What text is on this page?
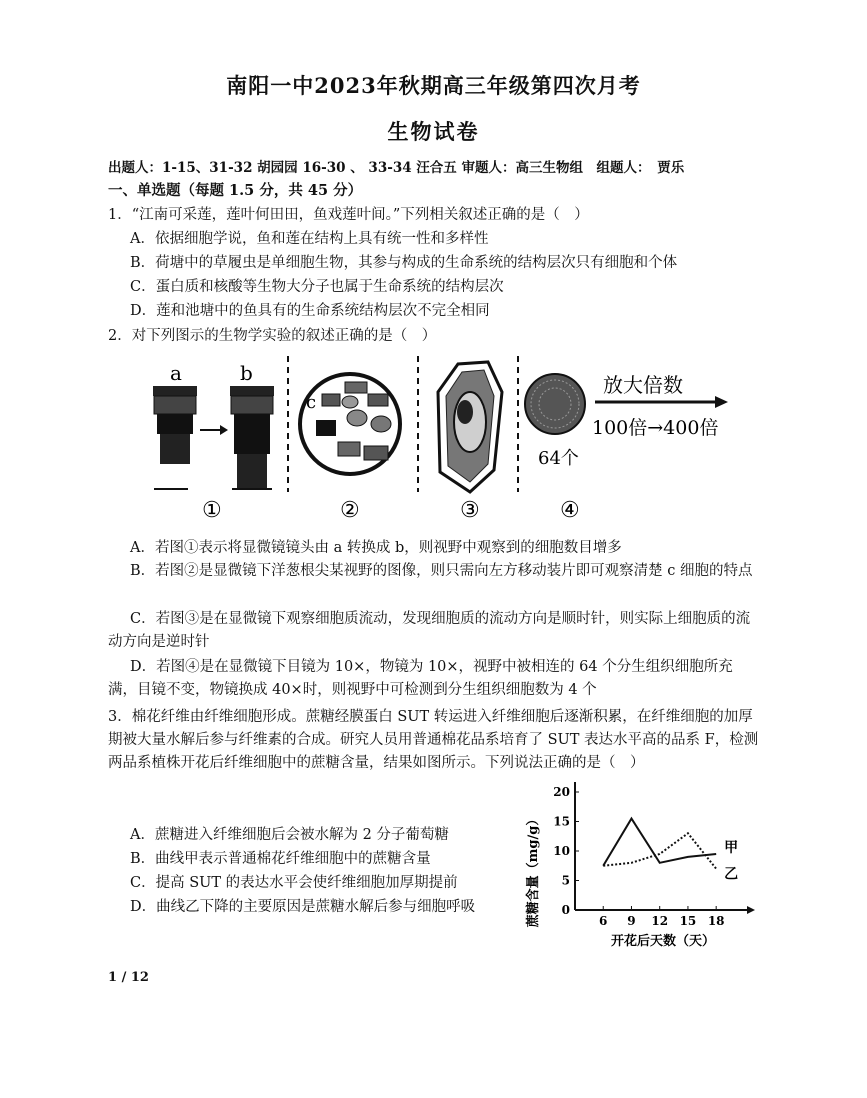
南阳一中2023年秋期高三年级第四次月考
生物试卷
出题人：1-15、31-32 胡园园 16-30 、 33-34 汪合五 审题人：高三生物组　组题人：　贾乐
一、单选题（每题 1.5 分，共 45 分）
1．“江南可采莲，莲叶何田田，鱼戏莲叶间。”下列相关叙述正确的是（　）
A．依据细胞学说，鱼和莲在结构上具有统一性和多样性
B．荷塘中的草履虫是单细胞生物，其参与构成的生命系统的结构层次只有细胞和个体
C．蛋白质和核酸等生物大分子也属于生命系统的结构层次
D．莲和池塘中的鱼具有的生命系统结构层次不完全相同
2．对下列图示的生物学实验的叙述正确的是（　）
a	b
①
c
②	③
放大倍数
100倍→400倍
64个
④
A．若图①表示将显微镜镜头由 a 转换成 b，则视野中观察到的细胞数目增多
B．若图②是显微镜下洋葱根尖某视野的图像，则只需向左方移动装片即可观察清楚 c 细胞的特点
C．若图③是在显微镜下观察细胞质流动，发现细胞质的流动方向是顺时针，则实际上细胞质的流动方向是逆时针
D．若图④是在显微镜下目镜为 10×，物镜为 10×，视野中被相连的 64 个分生组织细胞所充满，目镜不变，物镜换成 40×时，则视野中可检测到分生组织细胞数为 4 个
3．棉花纤维由纤维细胞形成。蔗糖经膜蛋白 SUT 转运进入纤维细胞后逐渐积累，在纤维细胞的加厚期被大量水解后参与纤维素的合成。研究人员用普通棉花品系培育了 SUT 表达水平高的品系 F，检测两品系植株开花后纤维细胞中的蔗糖含量，结果如图所示。下列说法正确的是（　）
A．蔗糖进入纤维细胞后会被水解为 2 分子葡萄糖
B．曲线甲表示普通棉花纤维细胞中的蔗糖含量
C．提高 SUT 的表达水平会使纤维细胞加厚期提前
D．曲线乙下降的主要原因是蔗糖水解后参与细胞呼吸	0
5
10
15
20
6 9 12 15 18
甲
乙
蔗糖含量（mg/g）
开花后天数（天）
1 / 12
